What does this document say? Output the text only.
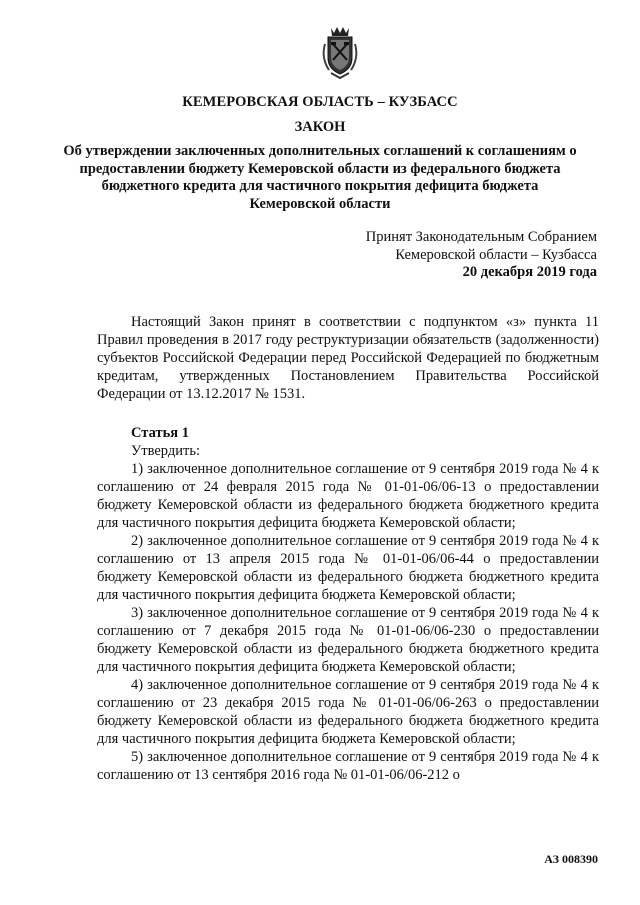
КЕМЕРОВСКАЯ ОБЛАСТЬ – КУЗБАСС
ЗАКОН
Об утверждении заключенных дополнительных соглашений к соглашениям о предоставлении бюджету Кемеровской области из федерального бюджета бюджетного кредита для частичного покрытия дефицита бюджета Кемеровской области
Принят Законодательным Собранием
Кемеровской области – Кузбасса
20 декабря 2019 года

Настоящий Закон принят в соответствии с подпунктом «з» пункта 11 Правил проведения в 2017 году реструктуризации обязательств (задолженности) субъектов Российской Федерации перед Российской Федерацией по бюджетным кредитам, утвержденных Постановлением Правительства Российской Федерации от 13.12.2017 № 1531.

Статья 1

Утвердить:

1) заключенное дополнительное соглашение от 9 сентября 2019 года № 4 к соглашению от 24 февраля 2015 года № 01-01-06/06-13 о предоставлении бюджету Кемеровской области из федерального бюджета бюджетного кредита для частичного покрытия дефицита бюджета Кемеровской области;

2) заключенное дополнительное соглашение от 9 сентября 2019 года № 4 к соглашению от 13 апреля 2015 года № 01-01-06/06-44 о предоставлении бюджету Кемеровской области из федерального бюджета бюджетного кредита для частичного покрытия дефицита бюджета Кемеровской области;

3) заключенное дополнительное соглашение от 9 сентября 2019 года № 4 к соглашению от 7 декабря 2015 года № 01-01-06/06-230 о предоставлении бюджету Кемеровской области из федерального бюджета бюджетного кредита для частичного покрытия дефицита бюджета Кемеровской области;

4) заключенное дополнительное соглашение от 9 сентября 2019 года № 4 к соглашению от 23 декабря 2015 года № 01-01-06/06-263 о предоставлении бюджету Кемеровской области из федерального бюджета бюджетного кредита для частичного покрытия дефицита бюджета Кемеровской области;

5) заключенное дополнительное соглашение от 9 сентября 2019 года № 4 к соглашению от 13 сентября 2016 года № 01-01-06/06-212 о

АЗ 008390
